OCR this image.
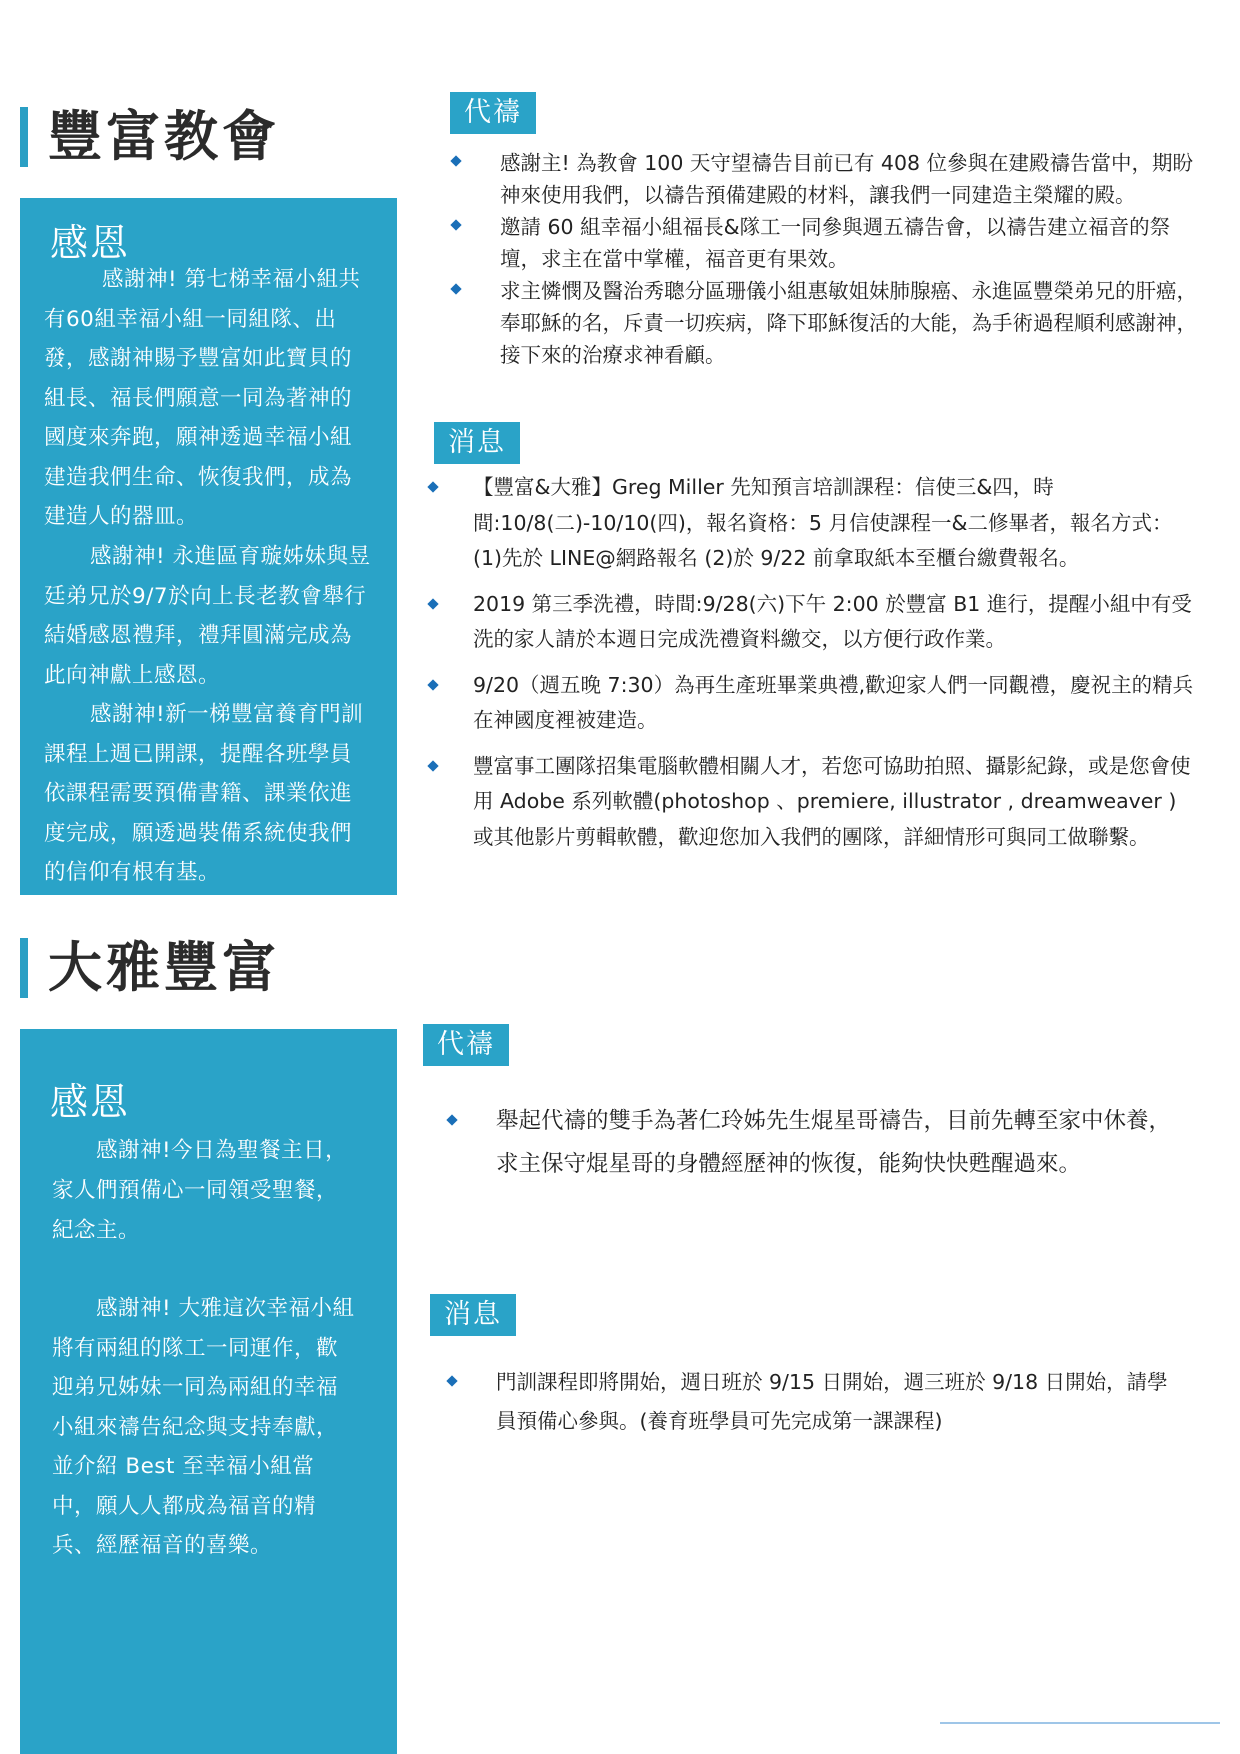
豐富教會
感恩

感謝神! 第七梯幸福小組共有60組幸福小組一同組隊、出發，感謝神賜予豐富如此寶貝的組長、福長們願意一同為著神的國度來奔跑，願神透過幸福小組建造我們生命、恢復我們，成為建造人的器皿。

感謝神! 永進區育璇姊妹與昱廷弟兄於9/7於向上長老教會舉行結婚感恩禮拜，禮拜圓滿完成為此向神獻上感恩。

感謝神!新一梯豐富養育門訓課程上週已開課，提醒各班學員依課程需要預備書籍、課業依進度完成，願透過裝備系統使我們的信仰有根有基。

代禱
感謝主! 為教會 100 天守望禱告目前已有 408 位參與在建殿禱告當中，期盼神來使用我們，以禱告預備建殿的材料，讓我們一同建造主榮耀的殿。
邀請 60 組幸福小組福長&隊工一同參與週五禱告會，以禱告建立福音的祭壇，求主在當中掌權，福音更有果效。
求主憐憫及醫治秀聰分區珊儀小組惠敏姐妹肺腺癌、永進區豐榮弟兄的肝癌，奉耶穌的名，斥責一切疾病，降下耶穌復活的大能，為手術過程順利感謝神，接下來的治療求神看顧。
消息
【豐富&大雅】Greg Miller 先知預言培訓課程：信使三&四，時間:10/8(二)-10/10(四)，報名資格：5 月信使課程一&二修畢者，報名方式： (1)先於 LINE@網路報名 (2)於 9/22 前拿取紙本至櫃台繳費報名。
2019 第三季洗禮，時間:9/28(六)下午 2:00 於豐富 B1 進行，提醒小組中有受洗的家人請於本週日完成洗禮資料繳交，以方便行政作業。
9/20（週五晚 7:30）為再生產班畢業典禮,歡迎家人們一同觀禮，慶祝主的精兵在神國度裡被建造。
豐富事工團隊招集電腦軟體相關人才，若您可協助拍照、攝影紀錄，或是您會使用 Adobe 系列軟體(photoshop 、premiere, illustrator , dreamweaver )或其他影片剪輯軟體，歡迎您加入我們的團隊，詳細情形可與同工做聯繫。
大雅豐富
感恩

感謝神!今日為聖餐主日，家人們預備心一同領受聖餐，紀念主。

感謝神! 大雅這次幸福小組將有兩組的隊工一同運作，歡迎弟兄姊妹一同為兩組的幸福小組來禱告紀念與支持奉獻，並介紹 Best 至幸福小組當中，願人人都成為福音的精兵、經歷福音的喜樂。

代禱
舉起代禱的雙手為著仁玲姊先生焜星哥禱告，目前先轉至家中休養，求主保守焜星哥的身體經歷神的恢復，能夠快快甦醒過來。
消息
門訓課程即將開始，週日班於 9/15 日開始，週三班於 9/18 日開始，請學員預備心參與。(養育班學員可先完成第一課課程)
